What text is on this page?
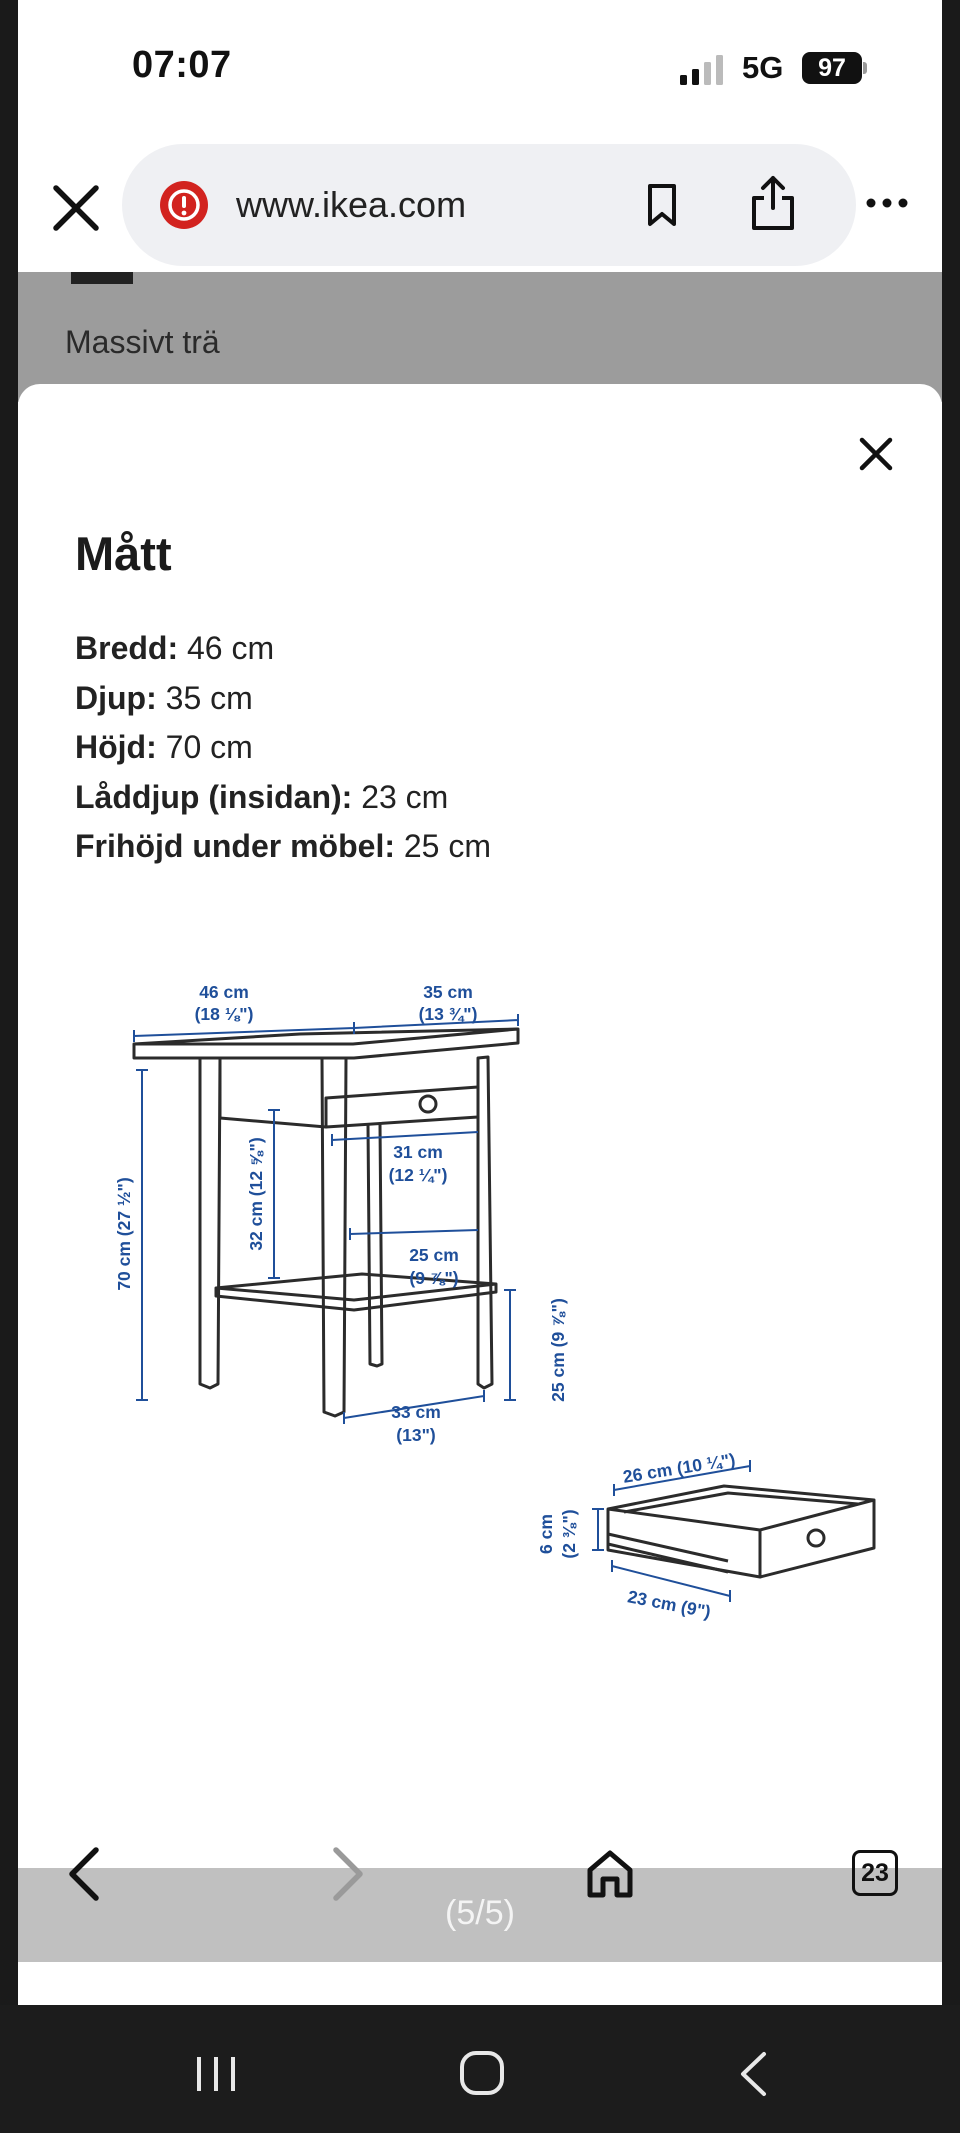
07:07	5G	97
www.ikea.com
Massivt trä
Mått
Bredd: 46 cm
Djup: 35 cm
Höjd: 70 cm
Låddjup (insidan): 23 cm
Frihöjd under möbel: 25 cm
46 cm
(18 ⅛")
35 cm
(13 ¾")
70 cm (27 ½")	32 cm (12 ⅝")	31 cm
(12 ¼")
25 cm
(9 ⅞")
25 cm (9 ⅞")
33 cm
(13")
26 cm (10 ¼")
6 cm (2 ⅜")
23 cm (9")
23
(5/5)
